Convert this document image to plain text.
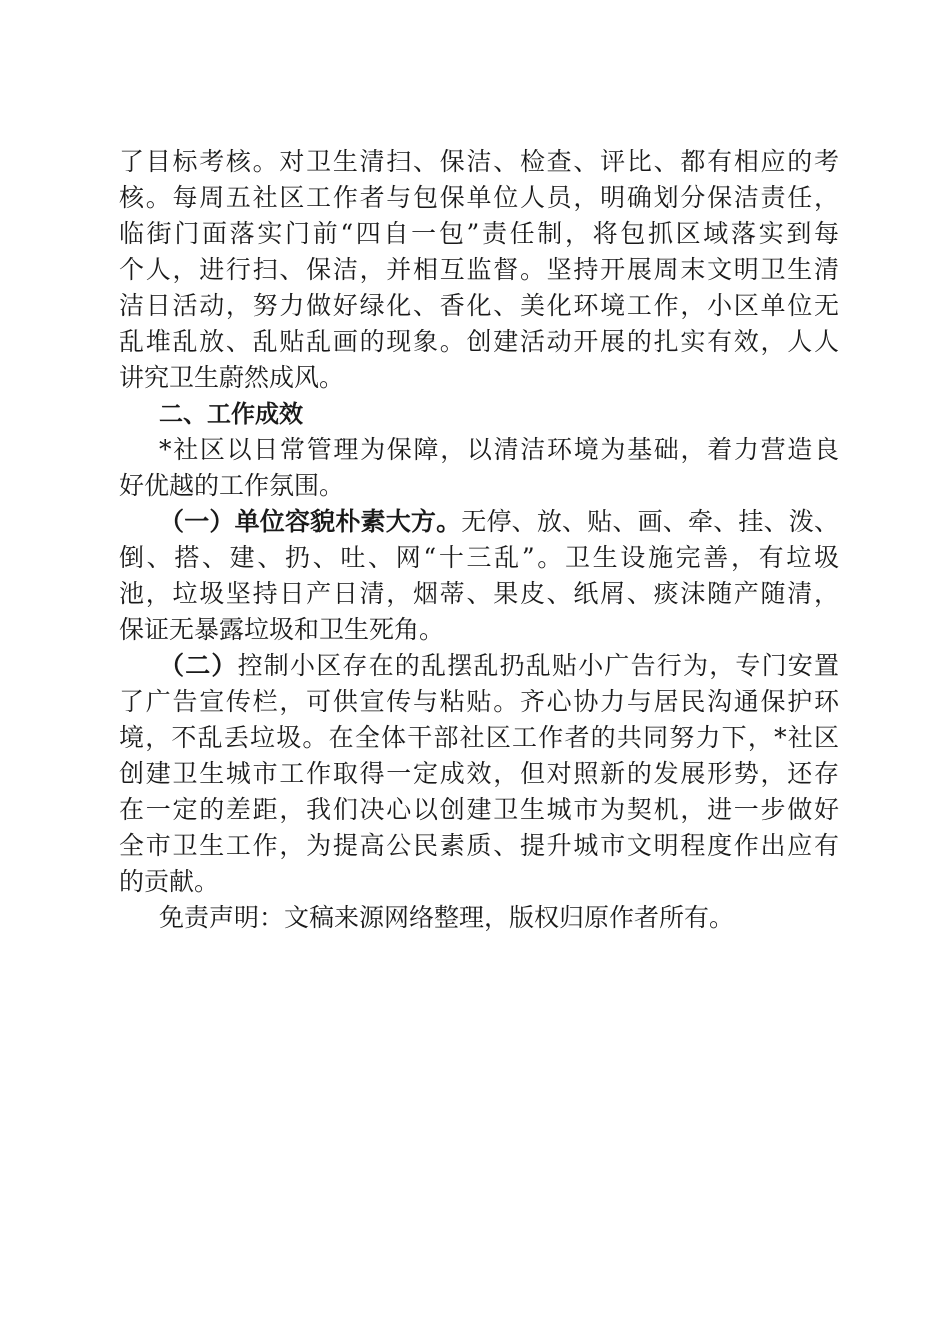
了目标考核。对卫生清扫、保洁、检查、评比、都有相应的考
核。每周五社区工作者与包保单位人员，明确划分保洁责任，
临街门面落实门前“四自一包”责任制，将包抓区域落实到每
个人，进行扫、保洁，并相互监督。坚持开展周末文明卫生清
洁日活动，努力做好绿化、香化、美化环境工作，小区单位无
乱堆乱放、乱贴乱画的现象。创建活动开展的扎实有效，人人
讲究卫生蔚然成风。
二、工作成效
*社区以日常管理为保障，以清洁环境为基础，着力营造良
好优越的工作氛围。
（一）单位容貌朴素大方。无停、放、贴、画、牵、挂、泼、
倒、搭、建、扔、吐、网“十三乱”。卫生设施完善，有垃圾
池，垃圾坚持日产日清，烟蒂、果皮、纸屑、痰沫随产随清，
保证无暴露垃圾和卫生死角。
（二）控制小区存在的乱摆乱扔乱贴小广告行为，专门安置
了广告宣传栏，可供宣传与粘贴。齐心协力与居民沟通保护环
境，不乱丢垃圾。在全体干部社区工作者的共同努力下，*社区
创建卫生城市工作取得一定成效，但对照新的发展形势，还存
在一定的差距，我们决心以创建卫生城市为契机，进一步做好
全市卫生工作，为提高公民素质、提升城市文明程度作出应有
的贡献。
免责声明：文稿来源网络整理，版权归原作者所有。
